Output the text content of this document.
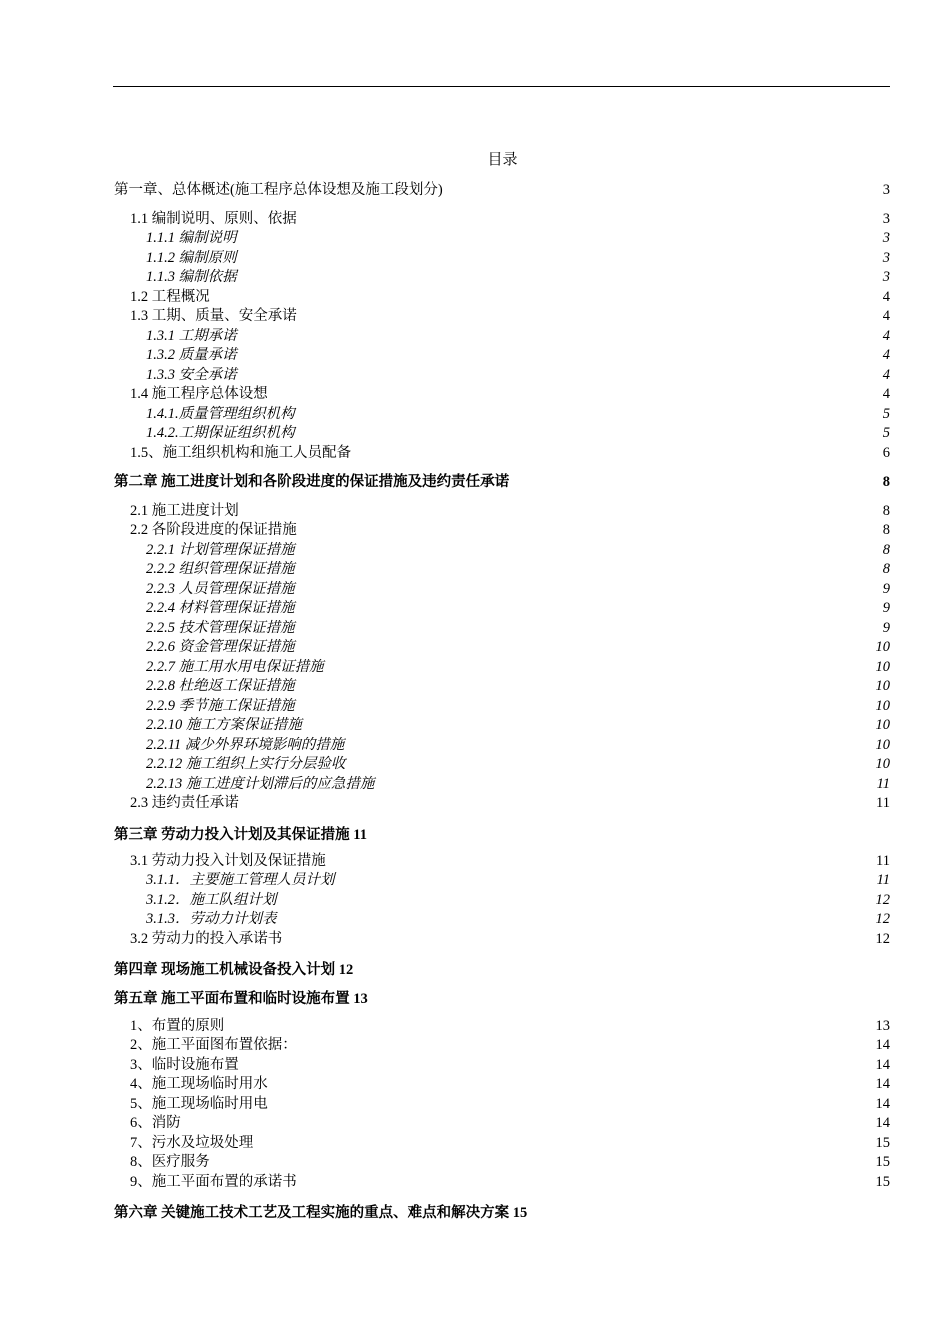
目录
第一章、总体概述(施工程序总体设想及施工段划分)	3
1.1 编制说明、原则、依据	3
1.1.1 编制说明	3
1.1.2 编制原则	3
1.1.3 编制依据	3
1.2 工程概况	4
1.3 工期、质量、安全承诺	4
1.3.1 工期承诺	4
1.3.2 质量承诺	4
1.3.3 安全承诺	4
1.4 施工程序总体设想	4
1.4.1.质量管理组织机构	5
1.4.2.工期保证组织机构	5
1.5、施工组织机构和施工人员配备	6
第二章 施工进度计划和各阶段进度的保证措施及违约责任承诺	8
2.1 施工进度计划	8
2.2 各阶段进度的保证措施	8
2.2.1 计划管理保证措施	8
2.2.2 组织管理保证措施	8
2.2.3 人员管理保证措施	9
2.2.4 材料管理保证措施	9
2.2.5 技术管理保证措施	9
2.2.6 资金管理保证措施	10
2.2.7 施工用水用电保证措施	10
2.2.8 杜绝返工保证措施	10
2.2.9 季节施工保证措施	10
2.2.10 施工方案保证措施	10
2.2.11 减少外界环境影响的措施	10
2.2.12 施工组织上实行分层验收	10
2.2.13 施工进度计划滞后的应急措施	11
2.3 违约责任承诺	11
第三章 劳动力投入计划及其保证措施 11
3.1 劳动力投入计划及保证措施	11
3.1.1．主要施工管理人员计划	11
3.1.2．施工队组计划	12
3.1.3．劳动力计划表	12
3.2 劳动力的投入承诺书	12
第四章 现场施工机械设备投入计划 12
第五章 施工平面布置和临时设施布置 13
1、布置的原则	13
2、施工平面图布置依据：	14
3、临时设施布置	14
4、施工现场临时用水	14
5、施工现场临时用电	14
6、消防	14
7、污水及垃圾处理	15
8、医疗服务	15
9、施工平面布置的承诺书	15
第六章 关键施工技术工艺及工程实施的重点、难点和解决方案 15
